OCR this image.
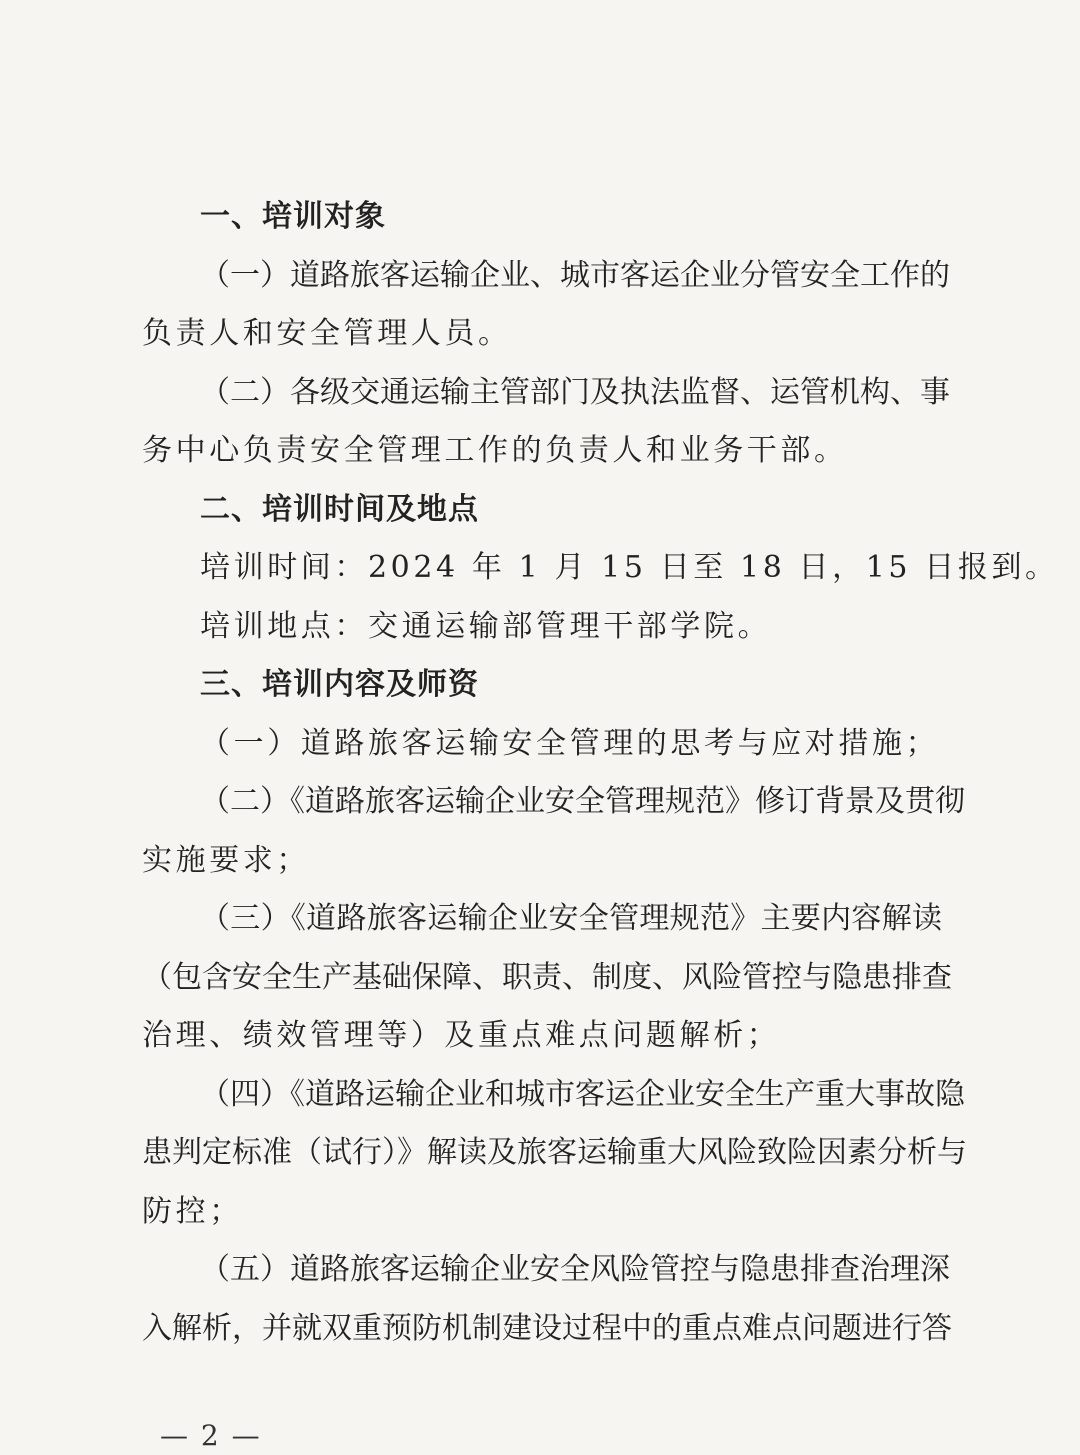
一、培训对象
（一）道路旅客运输企业、城市客运企业分管安全工作的
负责人和安全管理人员。
（二）各级交通运输主管部门及执法监督、运管机构、事
务中心负责安全管理工作的负责人和业务干部。
二、培训时间及地点
培训时间：2024 年 1 月 15 日至 18 日，15 日报到。
培训地点：交通运输部管理干部学院。
三、培训内容及师资
（一）道路旅客运输安全管理的思考与应对措施；
（二）《道路旅客运输企业安全管理规范》修订背景及贯彻
实施要求；
（三）《道路旅客运输企业安全管理规范》主要内容解读
（包含安全生产基础保障、职责、制度、风险管控与隐患排查
治理、绩效管理等）及重点难点问题解析；
（四）《道路运输企业和城市客运企业安全生产重大事故隐
患判定标准（试行）》解读及旅客运输重大风险致险因素分析与
防控；
（五）道路旅客运输企业安全风险管控与隐患排查治理深
入解析，并就双重预防机制建设过程中的重点难点问题进行答
— 2 —
